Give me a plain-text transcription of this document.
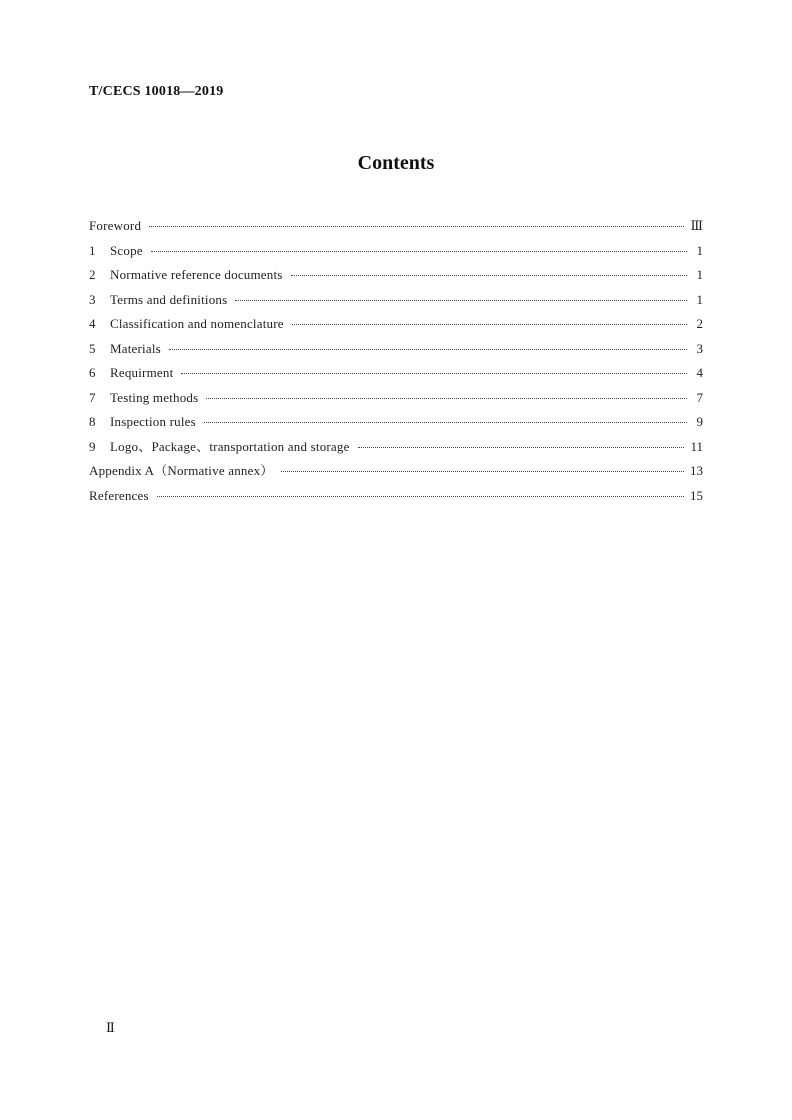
T/CECS 10018—2019
Contents
Foreword	Ⅲ
1	Scope	1
2	Normative reference documents	1
3	Terms and definitions	1
4	Classification and nomenclature	2
5	Materials	3
6	Requirment	4
7	Testing methods	7
8	Inspection rules	9
9	Logo、Package、transportation and storage	11
Appendix A（Normative annex）	13
References	15
Ⅱ
